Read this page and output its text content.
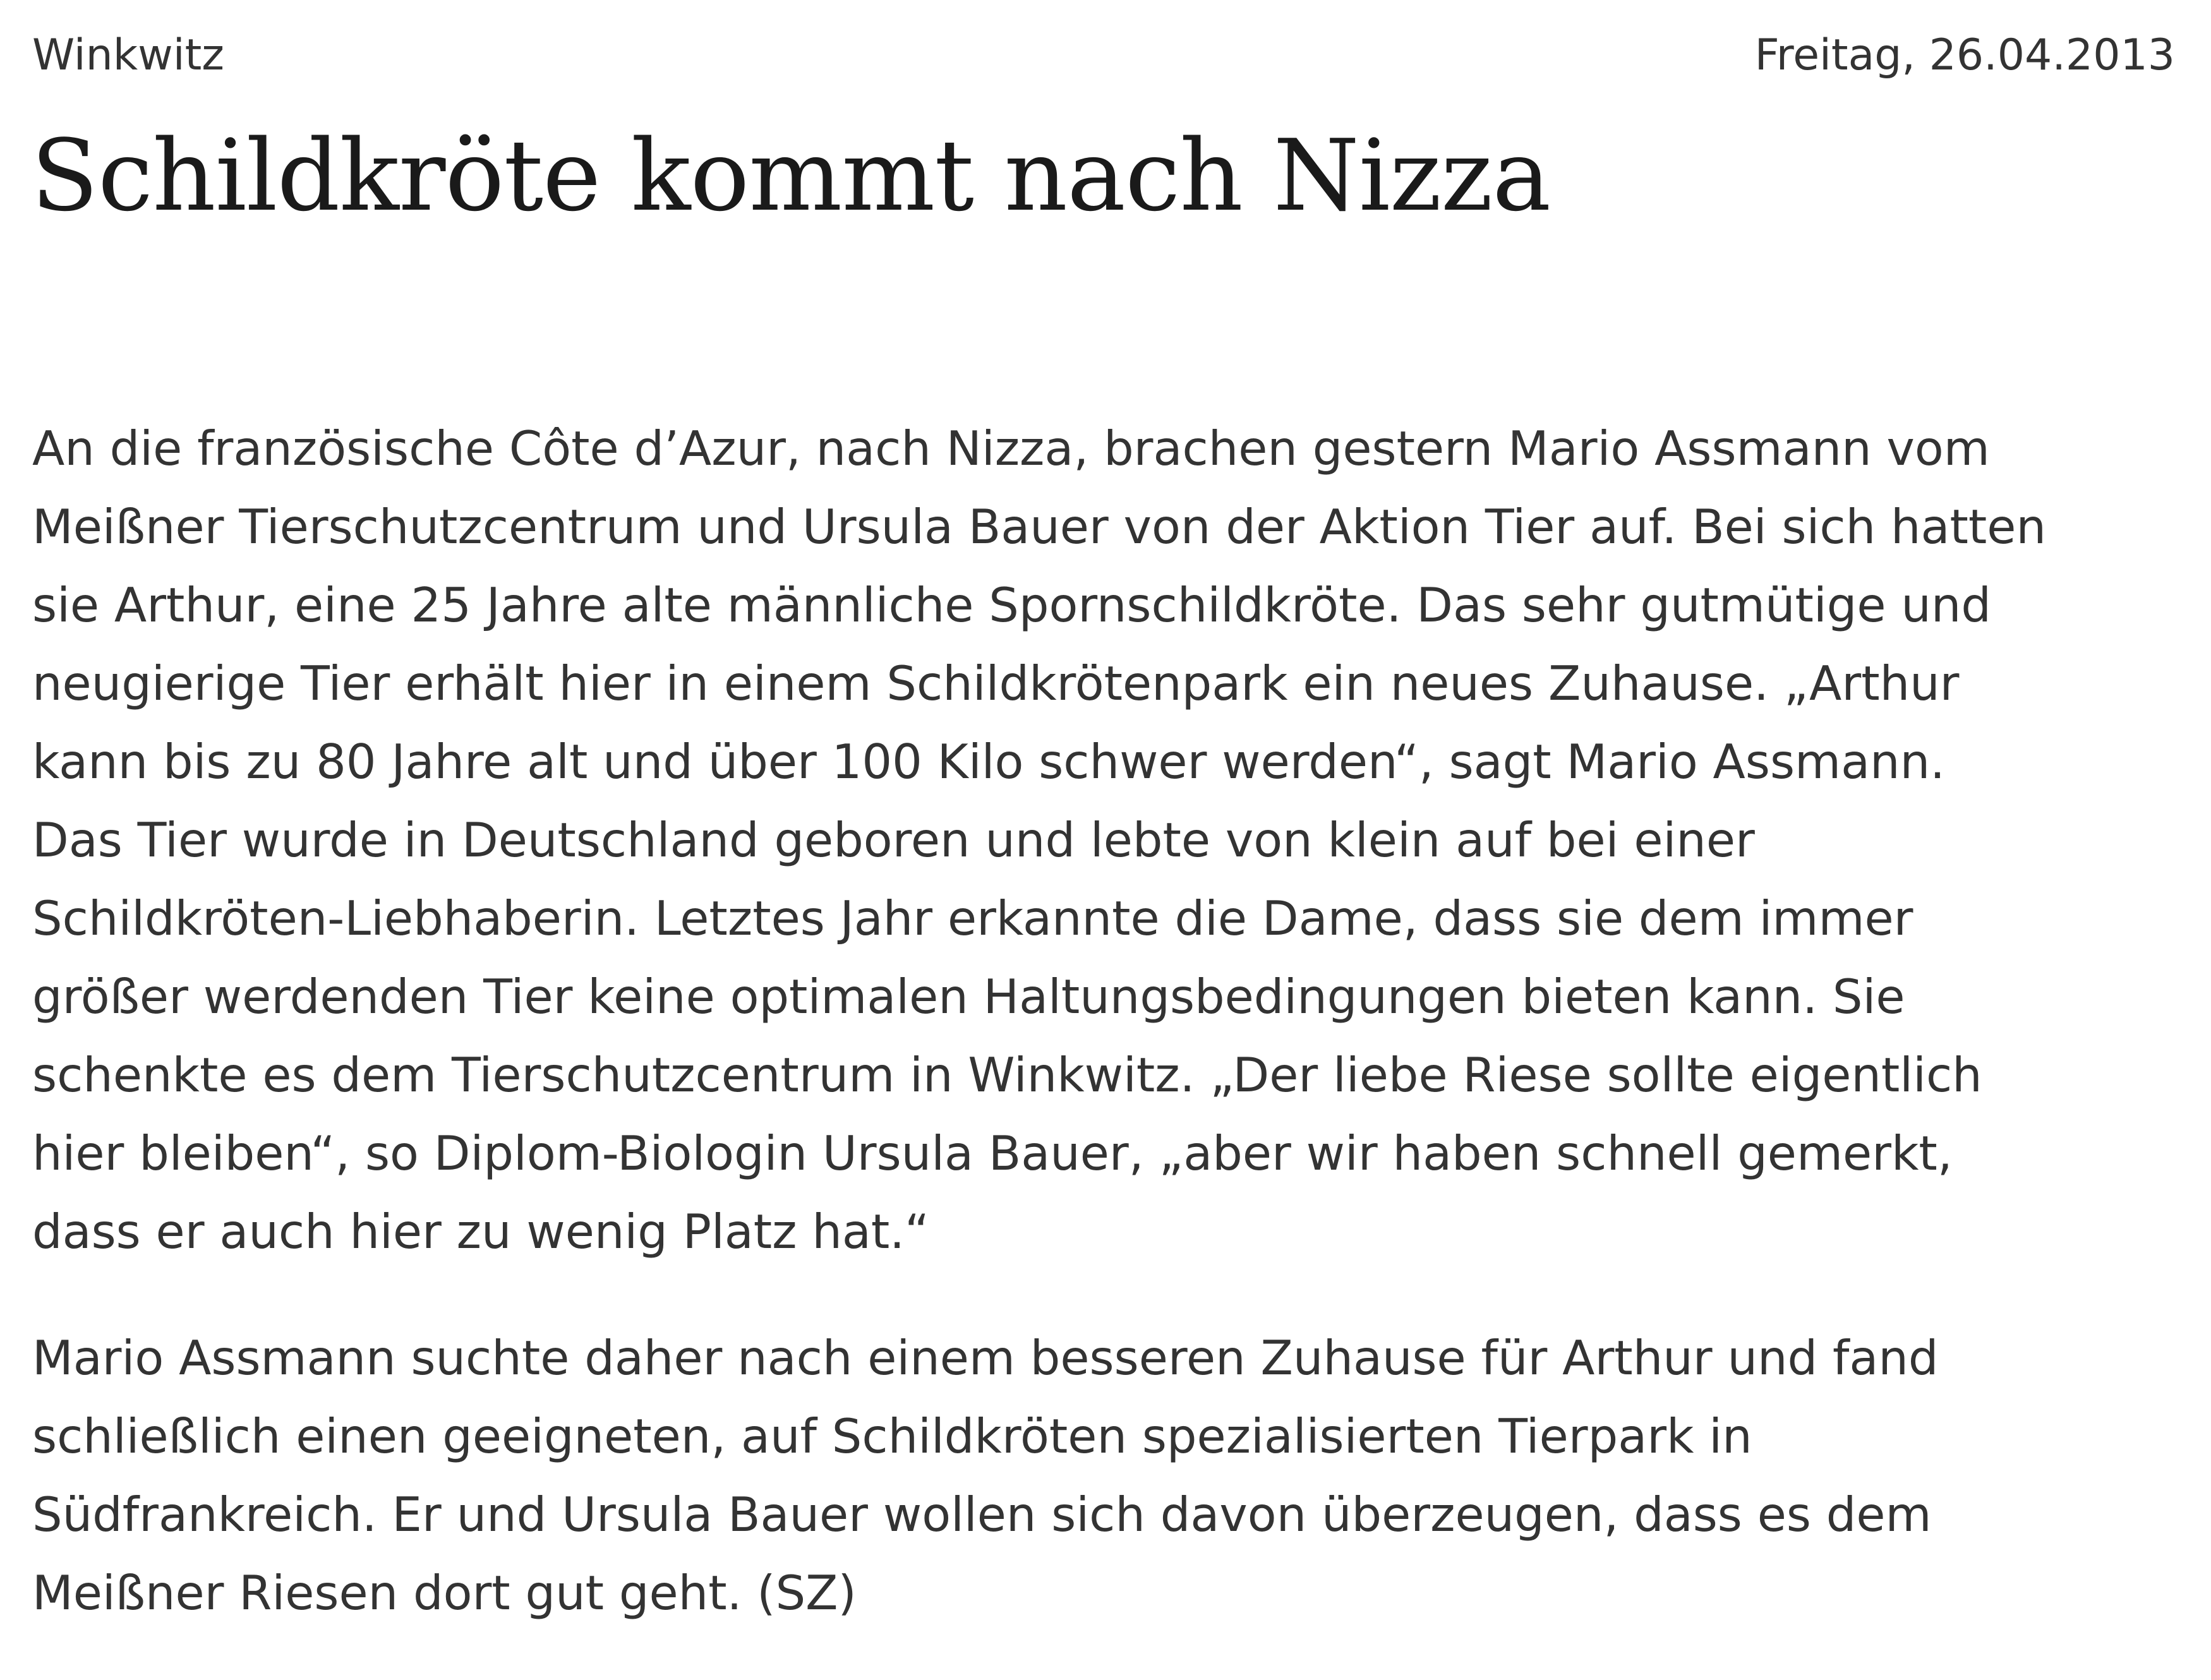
Winkwitz	Freitag, 26.04.2013
Schildkröte kommt nach Nizza

An die französische Côte d’Azur, nach Nizza, brachen gestern Mario Assmann vom
Meißner Tierschutzcentrum und Ursula Bauer von der Aktion Tier auf. Bei sich hatten
sie Arthur, eine 25 Jahre alte männliche Spornschildkröte. Das sehr gutmütige und
neugierige Tier erhält hier in einem Schildkrötenpark ein neues Zuhause. „Arthur
kann bis zu 80 Jahre alt und über 100 Kilo schwer werden“, sagt Mario Assmann.
Das Tier wurde in Deutschland geboren und lebte von klein auf bei einer
Schildkröten-Liebhaberin. Letztes Jahr erkannte die Dame, dass sie dem immer
größer werdenden Tier keine optimalen Haltungsbedingungen bieten kann. Sie
schenkte es dem Tierschutzcentrum in Winkwitz. „Der liebe Riese sollte eigentlich
hier bleiben“, so Diplom-Biologin Ursula Bauer, „aber wir haben schnell gemerkt,
dass er auch hier zu wenig Platz hat.“

Mario Assmann suchte daher nach einem besseren Zuhause für Arthur und fand
schließlich einen geeigneten, auf Schildkröten spezialisierten Tierpark in
Südfrankreich. Er und Ursula Bauer wollen sich davon überzeugen, dass es dem
Meißner Riesen dort gut geht. (SZ)
